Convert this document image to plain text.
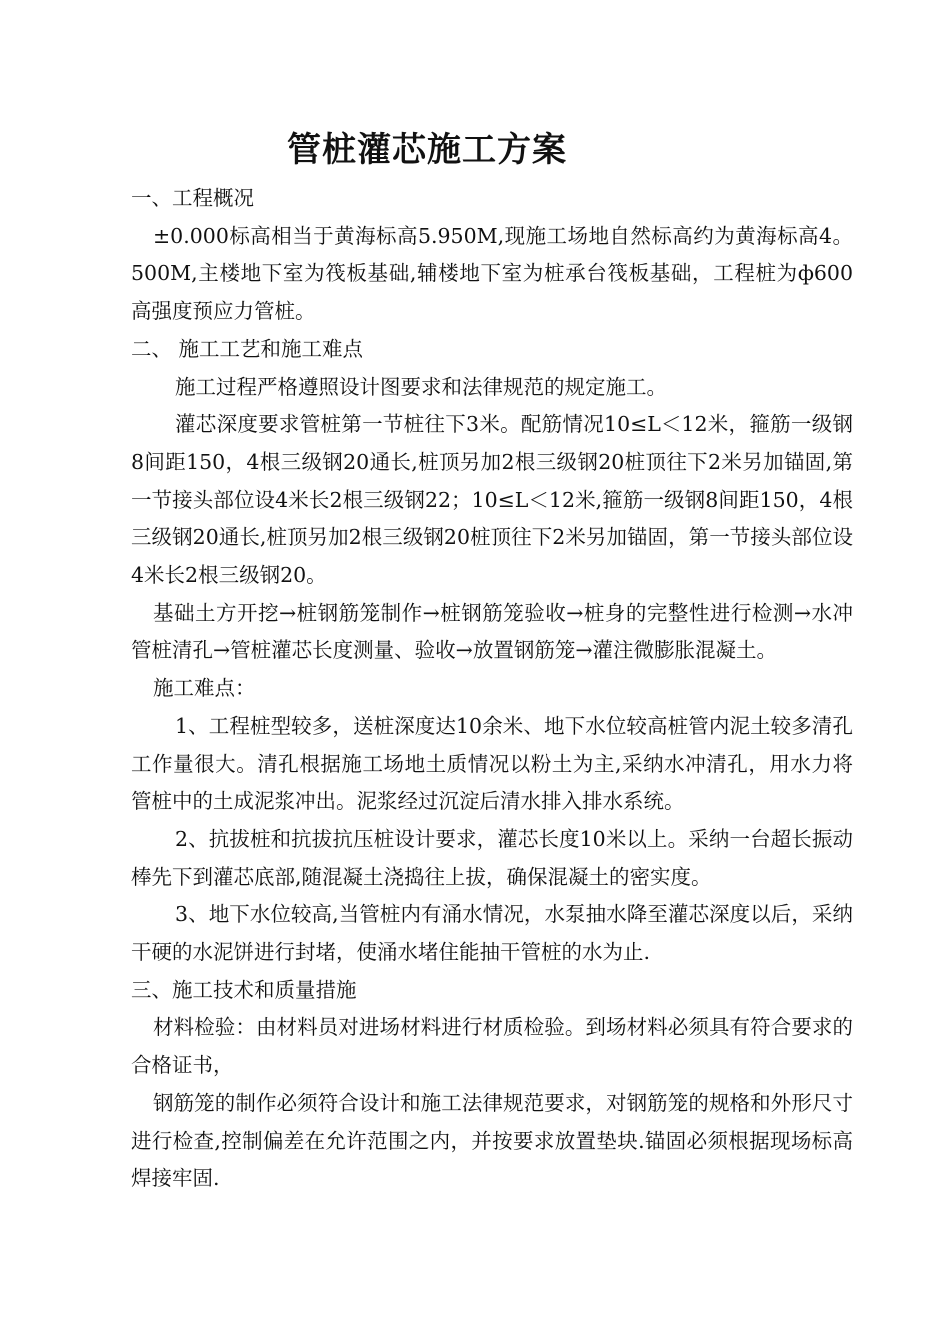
管桩灌芯施工方案

一、工程概况

±0.000标高相当于黄海标高5.950M,现施工场地自然标高约为黄海标高4。500M,主楼地下室为筏板基础,辅楼地下室为桩承台筏板基础，工程桩为ф600高强度预应力管桩。

二、 施工工艺和施工难点

施工过程严格遵照设计图要求和法律规范的规定施工。

灌芯深度要求管桩第一节桩往下3米。配筋情况10≤L＜12米，箍筋一级钢8间距150，4根三级钢20通长,桩顶另加2根三级钢20桩顶往下2米另加锚固,第一节接头部位设4米长2根三级钢22；10≤L＜12米,箍筋一级钢8间距150，4根三级钢20通长,桩顶另加2根三级钢20桩顶往下2米另加锚固，第一节接头部位设4米长2根三级钢20。

基础土方开挖→桩钢筋笼制作→桩钢筋笼验收→桩身的完整性进行检测→水冲管桩清孔→管桩灌芯长度测量、验收→放置钢筋笼→灌注微膨胀混凝土。

施工难点：

1、工程桩型较多，送桩深度达10余米、地下水位较高桩管内泥土较多清孔工作量很大。清孔根据施工场地土质情况以粉土为主,采纳水冲清孔，用水力将管桩中的土成泥浆冲出。泥浆经过沉淀后清水排入排水系统。

2、抗拔桩和抗拔抗压桩设计要求，灌芯长度10米以上。采纳一台超长振动棒先下到灌芯底部,随混凝土浇捣往上拔，确保混凝土的密实度。

3、地下水位较高,当管桩内有涌水情况，水泵抽水降至灌芯深度以后，采纳干硬的水泥饼进行封堵，使涌水堵住能抽干管桩的水为止.

三、施工技术和质量措施

材料检验：由材料员对进场材料进行材质检验。到场材料必须具有符合要求的合格证书，

钢筋笼的制作必须符合设计和施工法律规范要求，对钢筋笼的规格和外形尺寸进行检查,控制偏差在允许范围之内，并按要求放置垫块.锚固必须根据现场标高焊接牢固.
